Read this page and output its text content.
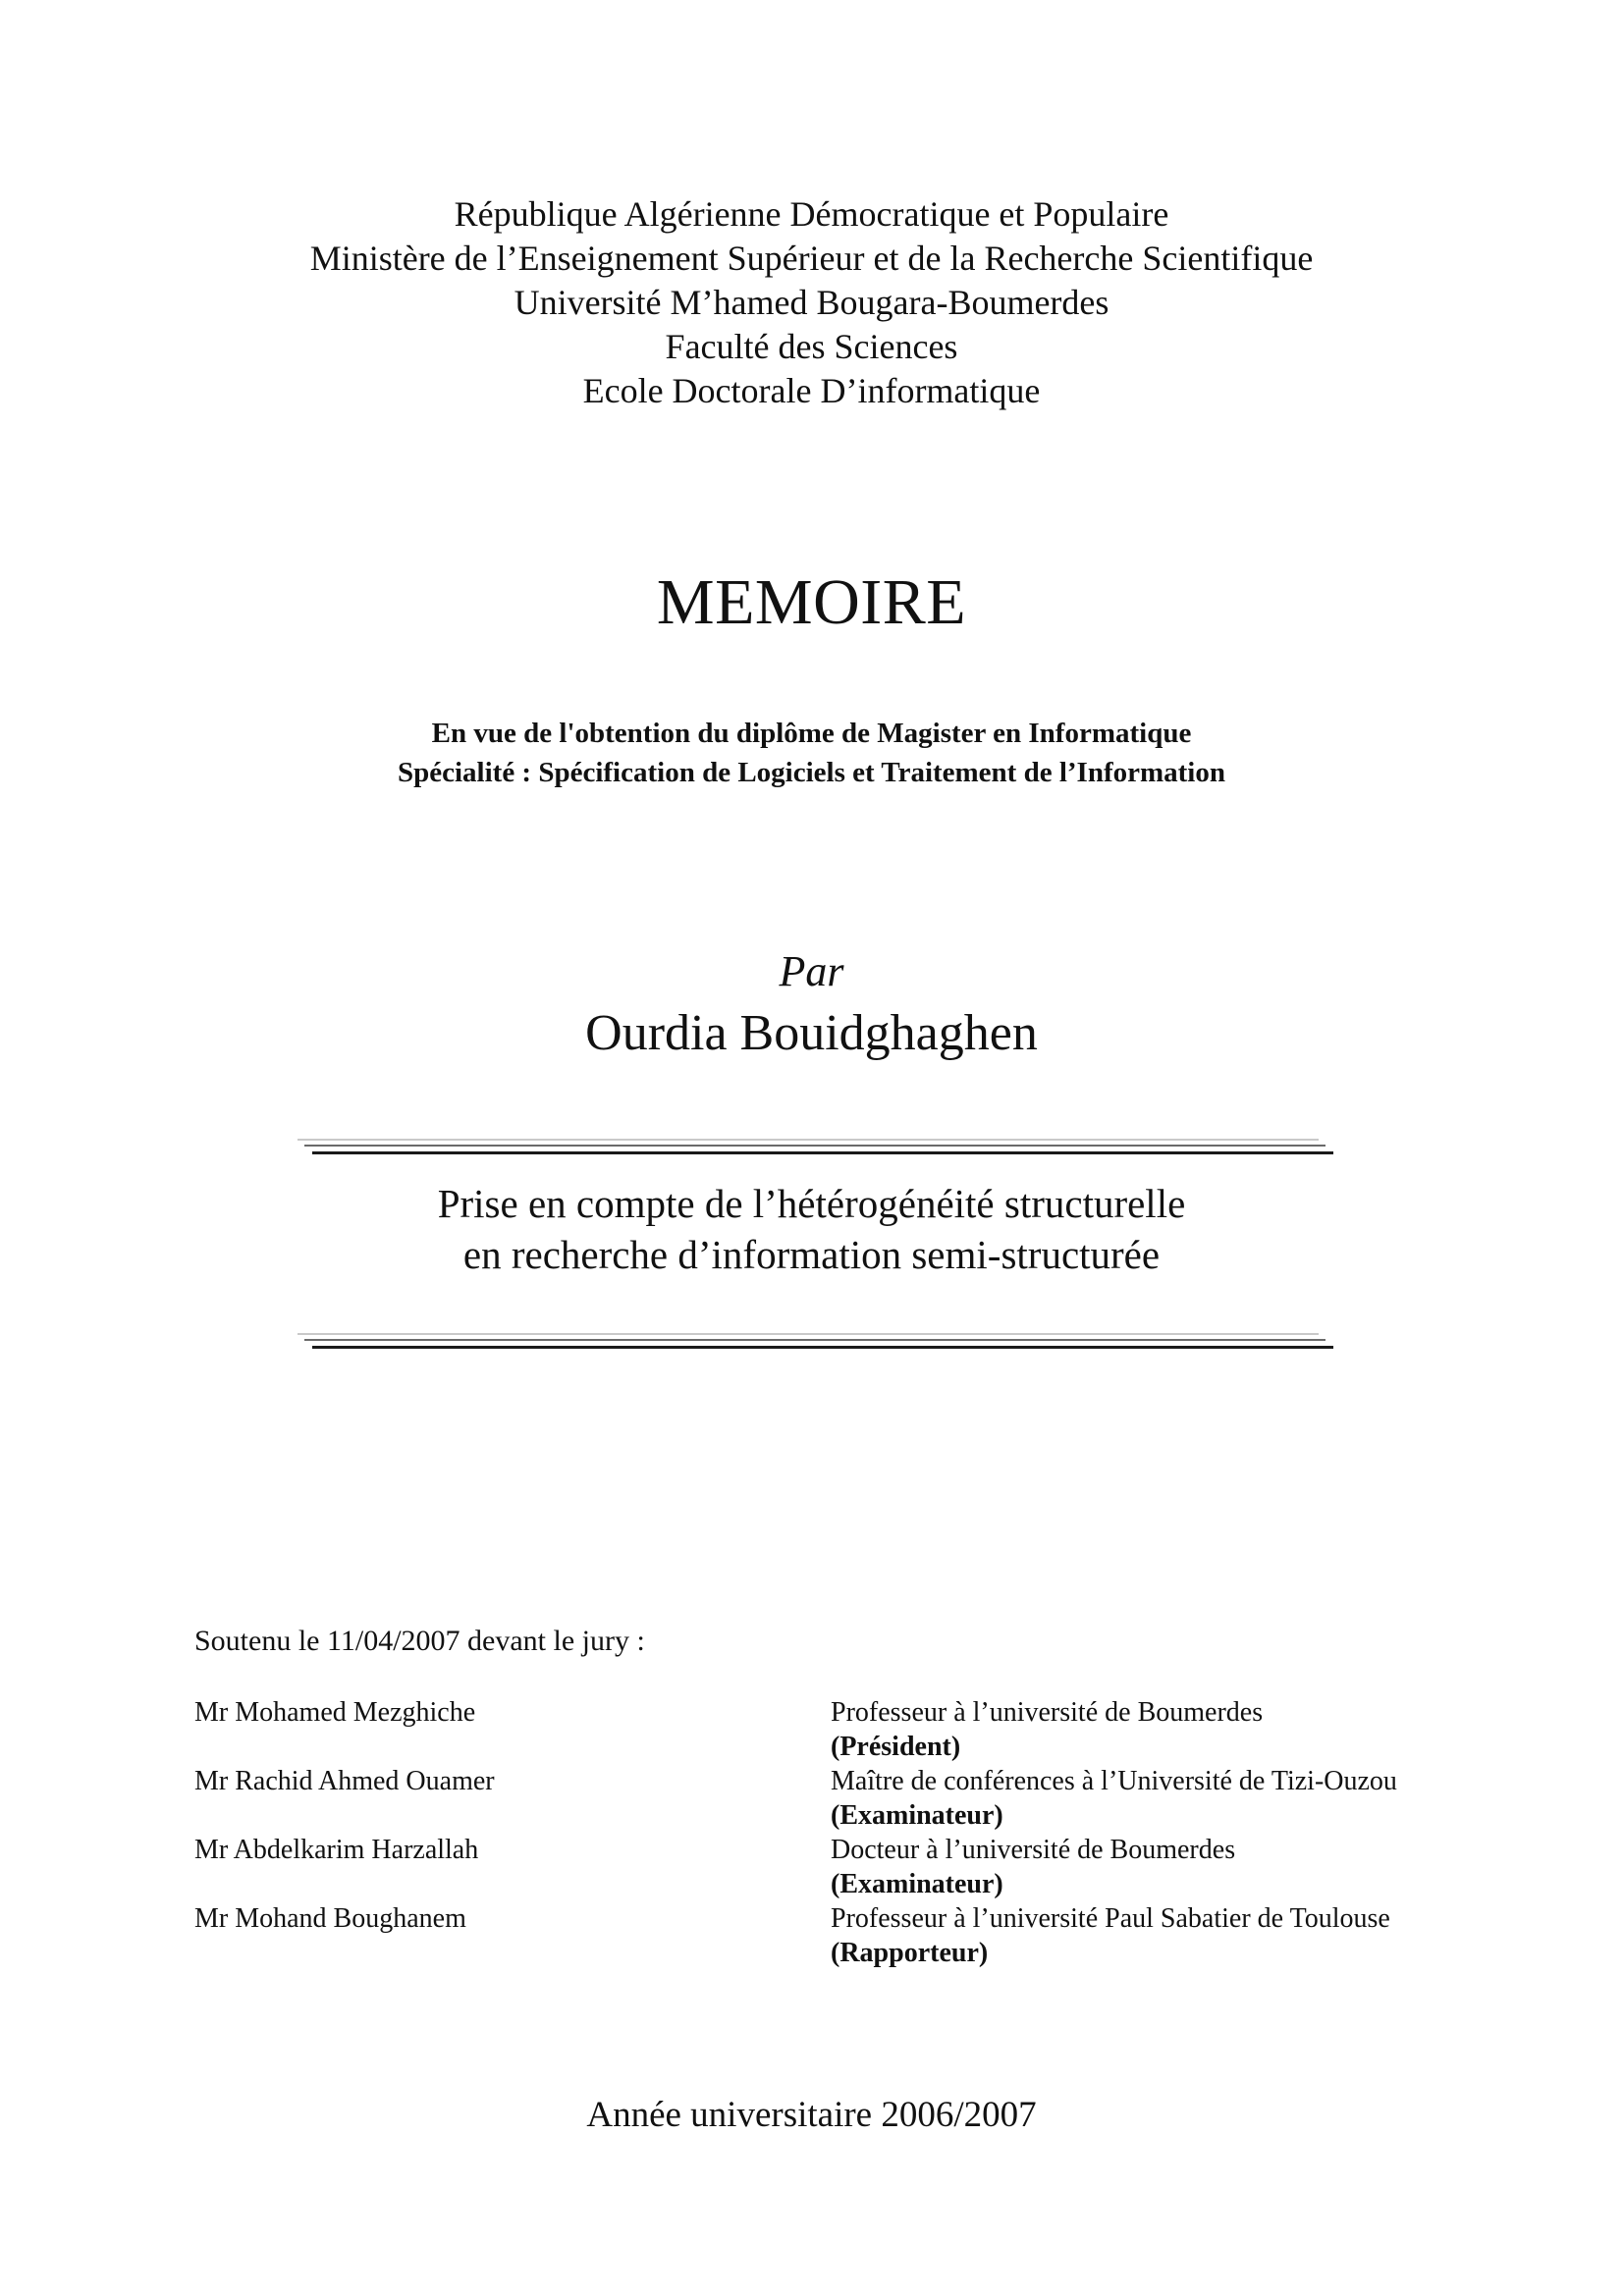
République Algérienne Démocratique et Populaire
Ministère de l’Enseignement Supérieur et de la Recherche Scientifique
Université M’hamed Bougara-Boumerdes
Faculté des Sciences
Ecole Doctorale D’informatique
MEMOIRE
En vue de l'obtention du diplôme de Magister en Informatique
Spécialité : Spécification de Logiciels et Traitement de l’Information
Par
Ourdia Bouidghaghen
Prise en compte de l’hétérogénéité structurelle
en recherche d’information semi-structurée
Soutenu le 11/04/2007 devant le jury :
Mr Mohamed Mezghiche	Professeur à l’université de Boumerdes
(Président)
Mr Rachid Ahmed Ouamer	Maître de conférences à l’Université de Tizi-Ouzou
(Examinateur)
Mr Abdelkarim Harzallah	Docteur à l’université de Boumerdes
(Examinateur)
Mr Mohand Boughanem	Professeur à l’université Paul Sabatier de Toulouse
(Rapporteur)
Année universitaire 2006/2007
